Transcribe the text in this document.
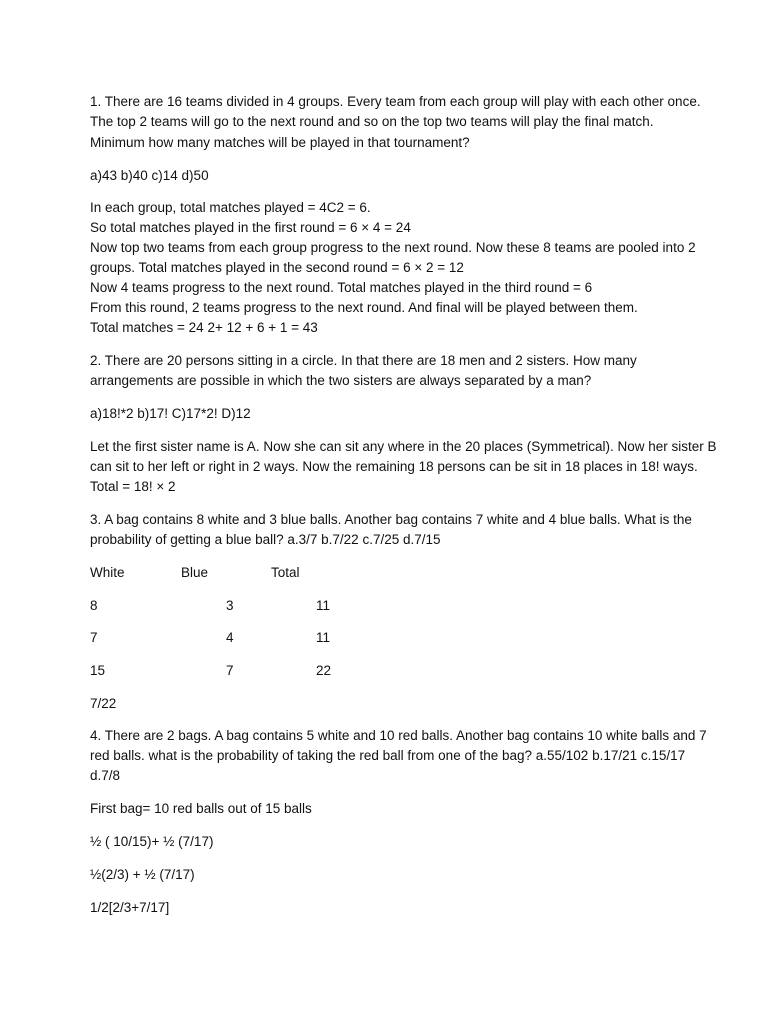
1. There are 16 teams divided in 4 groups. Every team from each group will play with each other once.

The top 2 teams will go to the next round and so on the top two teams will play the final match.

Minimum how many matches will be played in that tournament?

a)43 b)40 c)14 d)50

In each group, total matches played = 4C2 = 6.

So total matches played in the first round = 6 × 4 = 24

Now top two teams from each group progress to the next round. Now these 8 teams are pooled into 2

groups. Total matches played in the second round = 6 × 2 = 12

Now 4 teams progress to the next round. Total matches played in the third round = 6

From this round, 2 teams progress to the next round. And final will be played between them.

Total matches = 24 2+ 12 + 6 + 1 = 43

2. There are 20 persons sitting in a circle. In that there are 18 men and 2 sisters. How many

arrangements are possible in which the two sisters are always separated by a man?

a)18!*2 b)17! C)17*2! D)12

Let the first sister name is A. Now she can sit any where in the 20 places (Symmetrical). Now her sister B

can sit to her left or right in 2 ways. Now the remaining 18 persons can be sit in 18 places in 18! ways.

Total = 18! × 2

3. A bag contains 8 white and 3 blue balls. Another bag contains 7 white and 4 blue balls. What is the

probability of getting a blue ball? a.3/7 b.7/22 c.7/25 d.7/15

White	Blue	Total

8	3	11

7	4	11

15	7	22

7/22

4. There are 2 bags. A bag contains 5 white and 10 red balls. Another bag contains 10 white balls and 7

red balls. what is the probability of taking the red ball from one of the bag? a.55/102 b.17/21 c.15/17

d.7/8

First bag= 10 red balls out of 15 balls

½ ( 10/15)+ ½ (7/17)

½(2/3) + ½ (7/17)

1/2[2/3+7/17]
